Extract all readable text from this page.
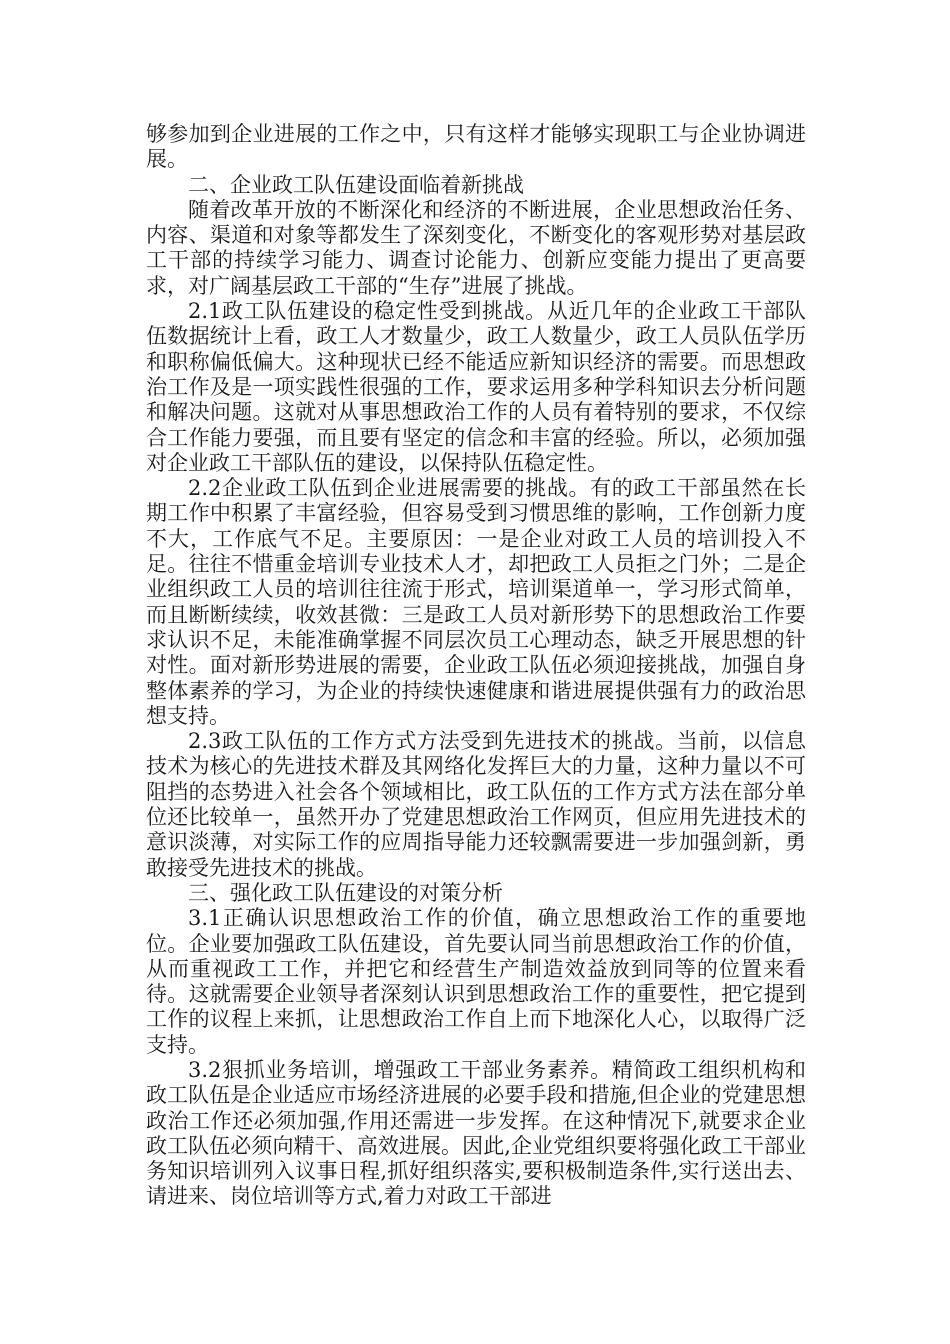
够参加到企业进展的工作之中，只有这样才能够实现职工与企业协调进展。

二、企业政工队伍建设面临着新挑战

随着改革开放的不断深化和经济的不断进展，企业思想政治任务、内容、渠道和对象等都发生了深刻变化，不断变化的客观形势对基层政工干部的持续学习能力、调查讨论能力、创新应变能力提出了更高要求，对广阔基层政工干部的“生存”进展了挑战。

2.1政工队伍建设的稳定性受到挑战。从近几年的企业政工干部队伍数据统计上看，政工人才数量少，政工人数量少，政工人员队伍学历和职称偏低偏大。这种现状已经不能适应新知识经济的需要。而思想政治工作及是一项实践性很强的工作，要求运用多种学科知识去分析问题和解决问题。这就对从事思想政治工作的人员有着特别的要求，不仅综合工作能力要强，而且要有坚定的信念和丰富的经验。所以，必须加强对企业政工干部队伍的建设，以保持队伍稳定性。

2.2企业政工队伍到企业进展需要的挑战。有的政工干部虽然在长期工作中积累了丰富经验，但容易受到习惯思维的影响，工作创新力度不大，工作底气不足。主要原因：一是企业对政工人员的培训投入不足。往往不惜重金培训专业技术人才，却把政工人员拒之门外；二是企业组织政工人员的培训往往流于形式，培训渠道单一，学习形式简单，而且断断续续，收效甚微：三是政工人员对新形势下的思想政治工作要求认识不足，未能准确掌握不同层次员工心理动态，缺乏开展思想的针对性。面对新形势进展的需要，企业政工队伍必须迎接挑战，加强自身整体素养的学习，为企业的持续快速健康和谐进展提供强有力的政治思想支持。

2.3政工队伍的工作方式方法受到先进技术的挑战。当前，以信息技术为核心的先进技术群及其网络化发挥巨大的力量，这种力量以不可阻挡的态势进入社会各个领域相比，政工队伍的工作方式方法在部分单位还比较单一，虽然开办了党建思想政治工作网页，但应用先进技术的意识淡薄，对实际工作的应周指导能力还较飘需要进一步加强剑新，勇敢接受先进技术的挑战。

三、强化政工队伍建设的对策分析

3.1正确认识思想政治工作的价值，确立思想政治工作的重要地位。企业要加强政工队伍建设，首先要认同当前思想政治工作的价值，从而重视政工工作，并把它和经营生产制造效益放到同等的位置来看待。这就需要企业领导者深刻认识到思想政治工作的重要性，把它提到工作的议程上来抓，让思想政治工作自上而下地深化人心，以取得广泛支持。

3.2狠抓业务培训，增强政工干部业务素养。精简政工组织机构和政工队伍是企业适应市场经济进展的必要手段和措施,但企业的党建思想政治工作还必须加强,作用还需进一步发挥。在这种情况下,就要求企业政工队伍必须向精干、高效进展。因此,企业党组织要将强化政工干部业务知识培训列入议事日程,抓好组织落实,要积极制造条件,实行送出去、请进来、岗位培训等方式,着力对政工干部进
